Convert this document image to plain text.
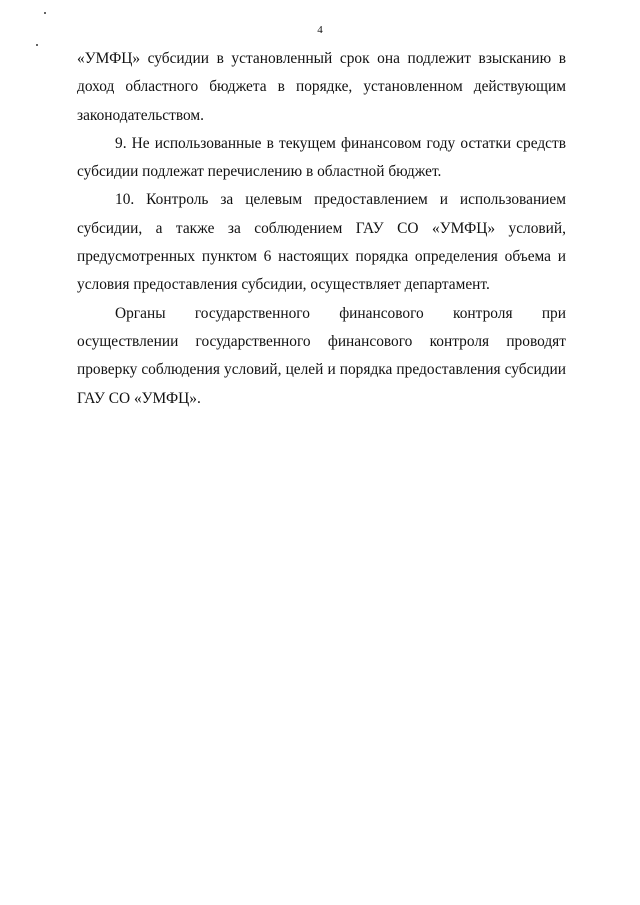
4

«УМФЦ» субсидии в установленный срок она подлежит взысканию в доход областного бюджета в порядке, установленном действующим законодательством.

9. Не использованные в текущем финансовом году остатки средств субсидии подлежат перечислению в областной бюджет.

10. Контроль за целевым предоставлением и использованием субсидии, а также за соблюдением ГАУ СО «УМФЦ» условий, предусмотренных пунктом 6 настоящих порядка определения объема и условия предоставления субсидии, осуществляет департамент.

Органы государственного финансового контроля при осуществлении государственного финансового контроля проводят проверку соблюдения условий, целей и порядка предоставления субсидии ГАУ СО «УМФЦ».
